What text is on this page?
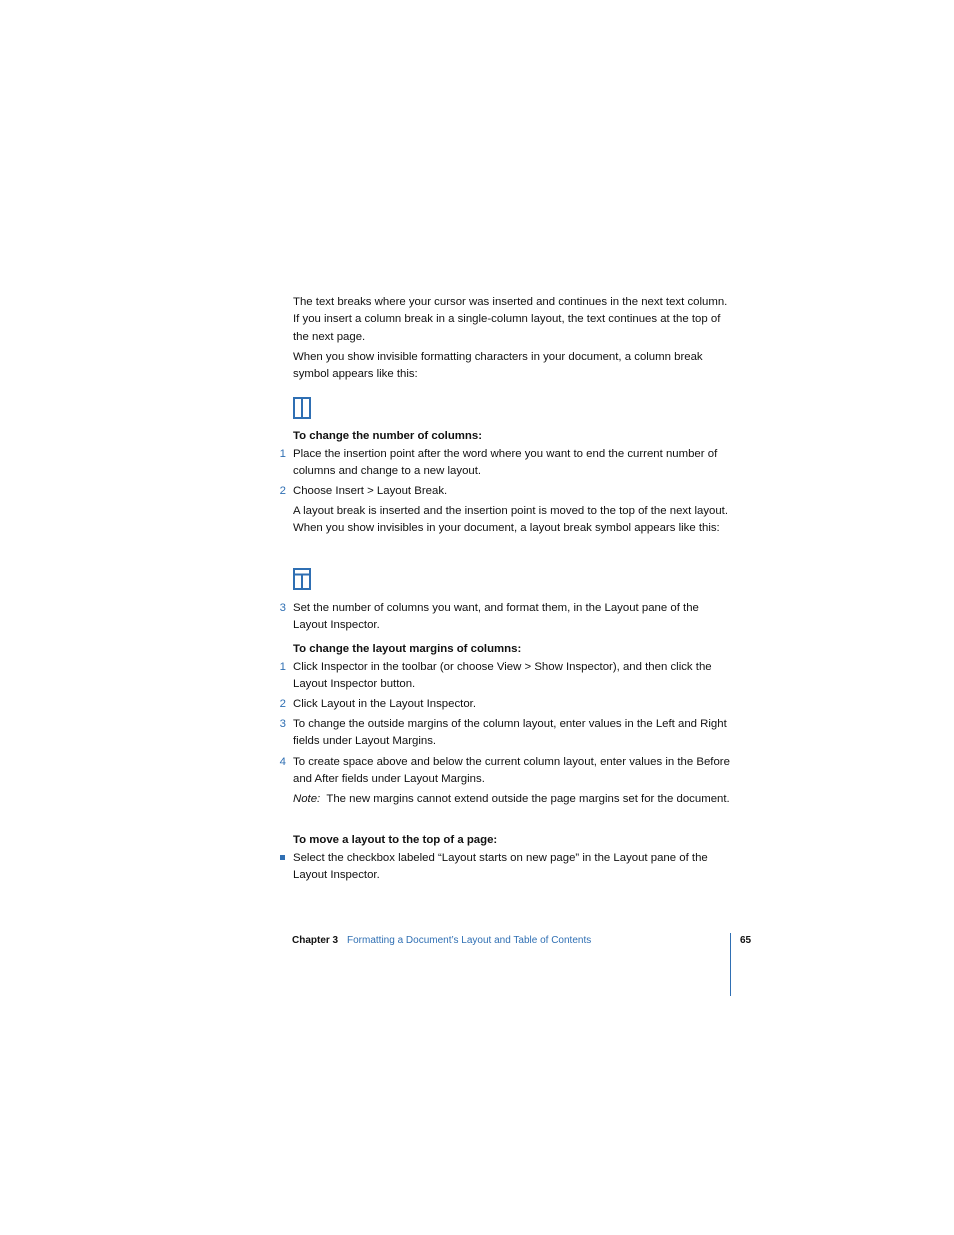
The text breaks where your cursor was inserted and continues in the next text column. If you insert a column break in a single-column layout, the text continues at the top of the next page.

When you show invisible formatting characters in your document, a column break symbol appears like this:

To change the number of columns:

1 Place the insertion point after the word where you want to end the current number of columns and change to a new layout.

2 Choose Insert > Layout Break.

A layout break is inserted and the insertion point is moved to the top of the next layout. When you show invisibles in your document, a layout break symbol appears like this:

3 Set the number of columns you want, and format them, in the Layout pane of the Layout Inspector.

To change the layout margins of columns:

1 Click Inspector in the toolbar (or choose View > Show Inspector), and then click the Layout Inspector button.

2 Click Layout in the Layout Inspector.

3 To change the outside margins of the column layout, enter values in the Left and Right fields under Layout Margins.

4 To create space above and below the current column layout, enter values in the Before and After fields under Layout Margins.

Note: The new margins cannot extend outside the page margins set for the document.

To move a layout to the top of a page:

Select the checkbox labeled “Layout starts on new page” in the Layout pane of the Layout Inspector.

Chapter 3 Formatting a Document’s Layout and Table of Contents	65
